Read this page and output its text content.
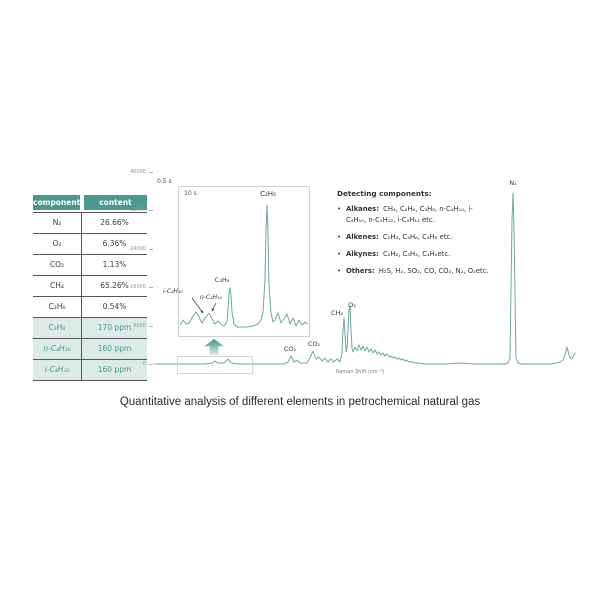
component	content
N₂	26.66%
O₂	6.36%
CO₂	1.13%
CH₄	65.26%
C₂H₆	0.54%
C₃H₈	170 ppm
n-C₄H₁₀	160 ppm
i-C₄H₁₀	160 ppm
40000
32000
24000
16000
8000
0
0.5 s
10 s
CO₂
CO₂
CH₄
O₂
N₂
C₂H₆
C₃H₈
i-C₄H₁₀
n-C₄H₁₀
Raman Shift (cm⁻¹)
Detecting components:
• Alkanes: CH₄, C₂H₆, C₃H₈, n-C₄H₁₀, i-C₄H₁₀, n-C₅H₁₂, i-C₅H₁₂ etc.
• Alkenes: C₂H₄, C₃H₆, C₄H₈ etc.
• Alkynes: C₂H₂, C₃H₄, C₄H₆etc.
• Others: H₂S, H₂, SO₂, CO, CO₂, N₂, O₂etc.
Quantitative analysis of different elements in petrochemical natural gas
